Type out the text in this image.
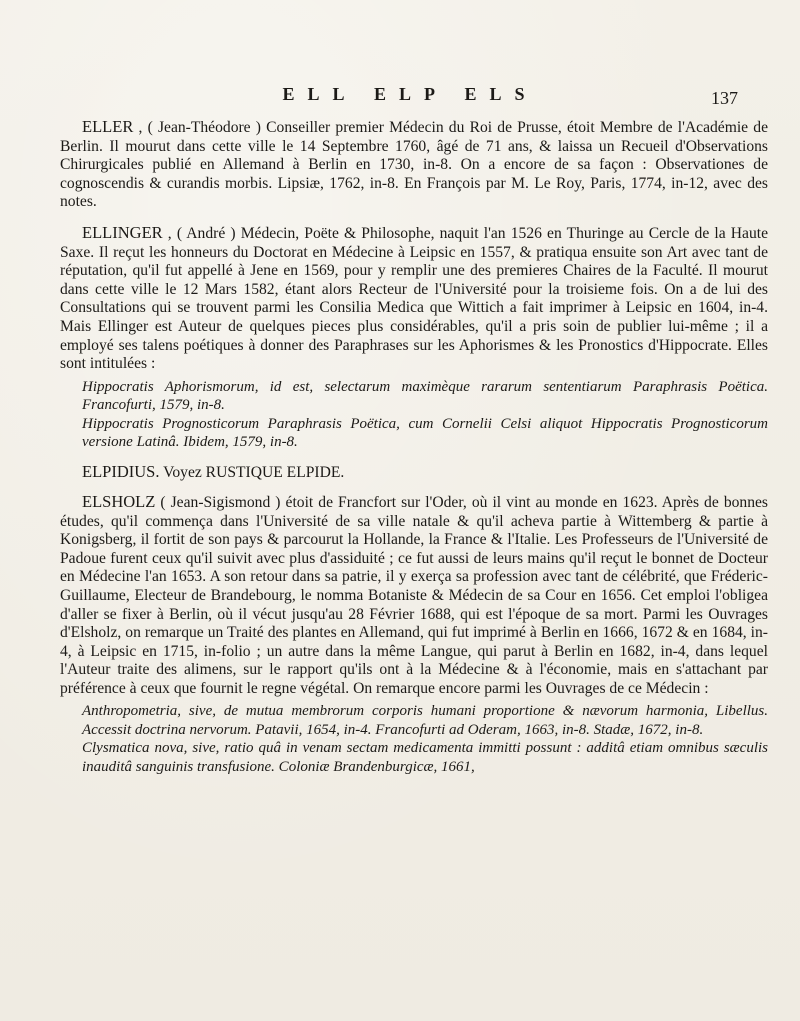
ELL ELP ELS	137

ELLER , ( Jean-Théodore ) Conseiller premier Médecin du Roi de Prusse, étoit Membre de l'Académie de Berlin. Il mourut dans cette ville le 14 Septembre 1760, âgé de 71 ans, & laissa un Recueil d'Observations Chirurgicales publié en Allemand à Berlin en 1730, in-8. On a encore de sa façon : Observationes de cognoscendis & curandis morbis. Lipsiæ, 1762, in-8. En François par M. Le Roy, Paris, 1774, in-12, avec des notes.

ELLINGER , ( André ) Médecin, Poëte & Philosophe, naquit l'an 1526 en Thuringe au Cercle de la Haute Saxe. Il reçut les honneurs du Doctorat en Médecine à Leipsic en 1557, & pratiqua ensuite son Art avec tant de réputation, qu'il fut appellé à Jene en 1569, pour y remplir une des premieres Chaires de la Faculté. Il mourut dans cette ville le 12 Mars 1582, étant alors Recteur de l'Université pour la troisieme fois. On a de lui des Consultations qui se trouvent parmi les Consilia Medica que Wittich a fait imprimer à Leipsic en 1604, in-4. Mais Ellinger est Auteur de quelques pieces plus considérables, qu'il a pris soin de publier lui-même ; il a employé ses talens poétiques à donner des Paraphrases sur les Aphorismes & les Pronostics d'Hippocrate. Elles sont intitulées :

Hippocratis Aphorismorum, id est, selectarum maximèque rararum sententiarum Paraphrasis Poëtica. Francofurti, 1579, in-8.

Hippocratis Prognosticorum Paraphrasis Poëtica, cum Cornelii Celsi aliquot Hippocratis Prognosticorum versione Latinâ. Ibidem, 1579, in-8.

ELPIDIUS. Voyez RUSTIQUE ELPIDE.

ELSHOLZ ( Jean-Sigismond ) étoit de Francfort sur l'Oder, où il vint au monde en 1623. Après de bonnes études, qu'il commença dans l'Université de sa ville natale & qu'il acheva partie à Wittemberg & partie à Konigsberg, il fortit de son pays & parcourut la Hollande, la France & l'Italie. Les Professeurs de l'Université de Padoue furent ceux qu'il suivit avec plus d'assiduité ; ce fut aussi de leurs mains qu'il reçut le bonnet de Docteur en Médecine l'an 1653. A son retour dans sa patrie, il y exerça sa profession avec tant de célébrité, que Fréderic-Guillaume, Electeur de Brandebourg, le nomma Botaniste & Médecin de sa Cour en 1656. Cet emploi l'obligea d'aller se fixer à Berlin, où il vécut jusqu'au 28 Février 1688, qui est l'époque de sa mort. Parmi les Ouvrages d'Elsholz, on remarque un Traité des plantes en Allemand, qui fut imprimé à Berlin en 1666, 1672 & en 1684, in-4, à Leipsic en 1715, in-folio ; un autre dans la même Langue, qui parut à Berlin en 1682, in-4, dans lequel l'Auteur traite des alimens, sur le rapport qu'ils ont à la Médecine & à l'économie, mais en s'attachant par préférence à ceux que fournit le regne végétal. On remarque encore parmi les Ouvrages de ce Médecin :

Anthropometria, sive, de mutua membrorum corporis humani proportione & nævorum harmonia, Libellus. Accessit doctrina nervorum. Patavii, 1654, in-4. Francofurti ad Oderam, 1663, in-8. Stadæ, 1672, in-8.

Clysmatica nova, sive, ratio quâ in venam sectam medicamenta immitti possunt : additâ etiam omnibus sæculis inauditâ sanguinis transfusione. Coloniæ Brandenburgicæ, 1661,
